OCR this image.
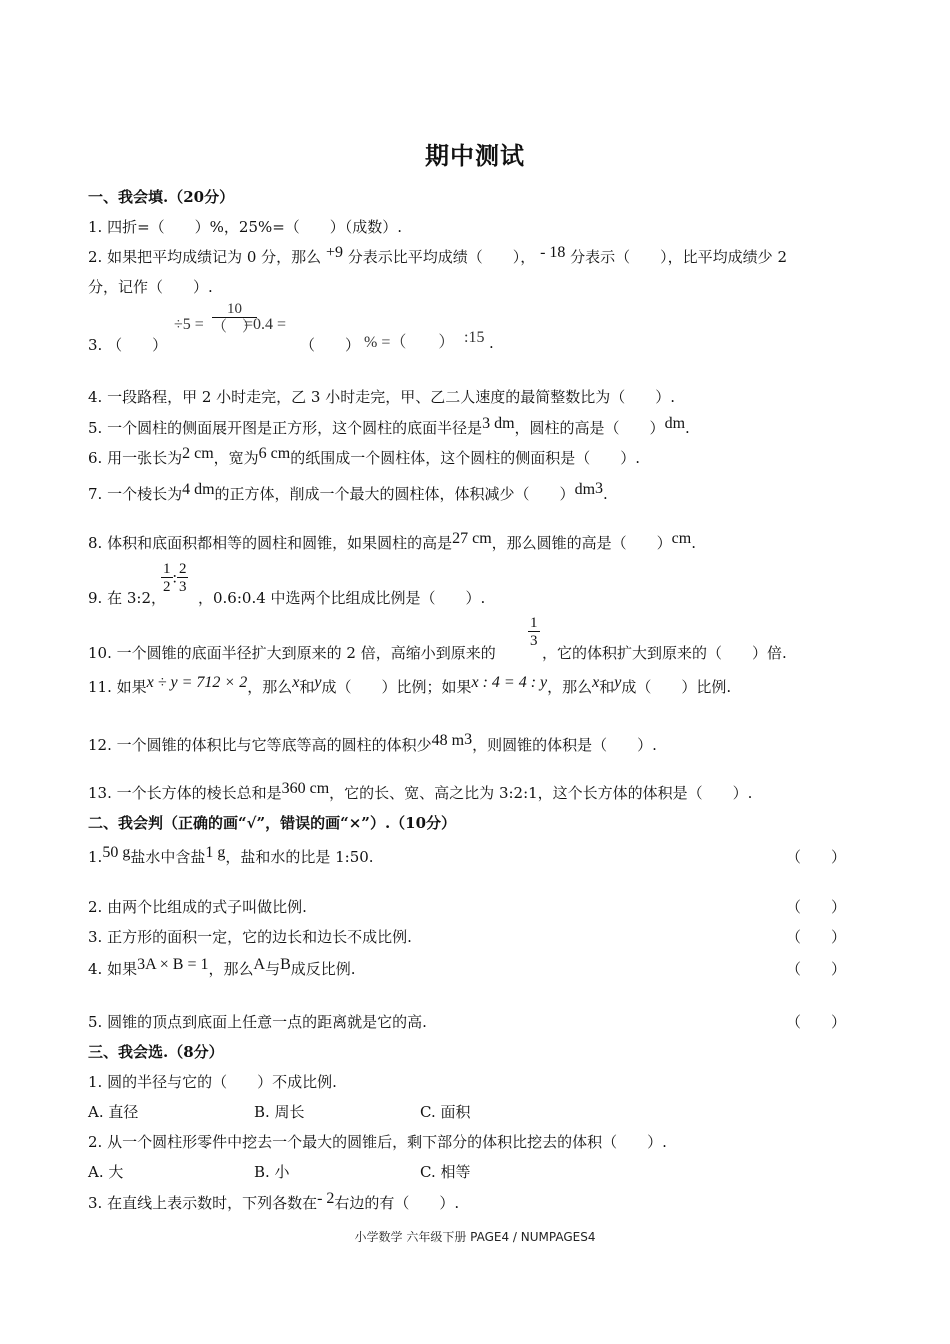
期中测试
一、我会填.（20分）
1. 四折=（　　）%，25%=（　　）（成数）.
2. 如果把平均成绩记为 0 分，那么 +9 分表示比平均成绩（　　）， - 18 分表示（　　），比平均成绩少 2
分，记作（　　）.
3. （　　）
$\div 5 = \frac{10}{( )}$
=0.4 =
（　　） % =（　　） :15 .
4. 一段路程，甲 2 小时走完，乙 3 小时走完，甲、乙二人速度的最简整数比为（　　）.
5. 一个圆柱的侧面展开图是正方形，这个圆柱的底面半径是3 dm，圆柱的高是（　　）dm.
6. 用一张长为2 cm，宽为6 cm的纸围成一个圆柱体，这个圆柱的侧面积是（　　）.
7. 一个棱长为4 dm的正方体，削成一个最大的圆柱体，体积减少（　　）$dm^3$.
8. 体积和底面积都相等的圆柱和圆锥，如果圆柱的高是27 cm，那么圆锥的高是（　　）cm.
9. 在 3:2，
$\frac{1}{2}$ : $\frac{2}{3}$
，0.6:0.4 中选两个比组成比例是（　　）.
10. 一个圆锥的底面半径扩大到原来的 2 倍，高缩小到原来的
$\frac{1}{3}$
，它的体积扩大到原来的（　　）倍.
11. 如果x ÷ y = 712 × 2，那么x和y成（　　）比例；如果x : 4 = 4 : y，那么x和y成（　　）比例.
12. 一个圆锥的体积比与它等底等高的圆柱的体积少48 $m^3$，则圆锥的体积是（　　）.
13. 一个长方体的棱长总和是360 cm，它的长、宽、高之比为 3:2:1，这个长方体的体积是（　　）.
二、我会判（正确的画“√”，错误的画“×”）.（10分）
1.50 g盐水中含盐1 g，盐和水的比是 1:50.	（　　）
2. 由两个比组成的式子叫做比例.	（　　）
3. 正方形的面积一定，它的边长和边长不成比例.	（　　）
4. 如果3A × B = 1，那么A与B成反比例.	（　　）
5. 圆锥的顶点到底面上任意一点的距离就是它的高.	（　　）
三、我会选.（8分）
1. 圆的半径与它的（　　）不成比例.
A. 直径	B. 周长	C. 面积
2. 从一个圆柱形零件中挖去一个最大的圆锥后，剩下部分的体积比挖去的体积（　　）.
A. 大	B. 小	C. 相等
3. 在直线上表示数时，下列各数在- 2右边的有（　　）.
小学数学 六年级下册 PAGE4 / NUMPAGES4
